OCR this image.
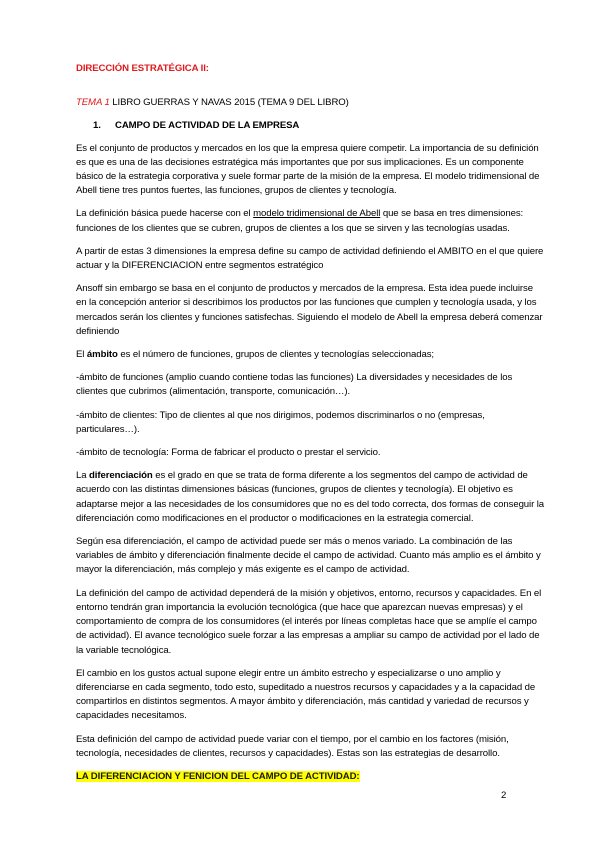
DIRECCIÓN ESTRATÉGICA II:
TEMA 1 LIBRO GUERRAS Y NAVAS 2015 (TEMA 9 DEL LIBRO)
1. CAMPO DE ACTIVIDAD DE LA EMPRESA

Es el conjunto de productos y mercados en los que la empresa quiere competir. La importancia de su definición es que es una de las decisiones estratégica más importantes que por sus implicaciones. Es un componente básico de la estrategia corporativa y suele formar parte de la misión de la empresa. El modelo tridimensional de Abell tiene tres puntos fuertes, las funciones, grupos de clientes y tecnología.

La definición básica puede hacerse con el modelo tridimensional de Abell que se basa en tres dimensiones: funciones de los clientes que se cubren, grupos de clientes a los que se sirven y las tecnologías usadas.

A partir de estas 3 dimensiones la empresa define su campo de actividad definiendo el AMBITO en el que quiere actuar y la DIFERENCIACION entre segmentos estratégico

Ansoff sin embargo se basa en el conjunto de productos y mercados de la empresa. Esta idea puede incluirse en la concepción anterior si describimos los productos por las funciones que cumplen y tecnología usada, y los mercados serán los clientes y funciones satisfechas. Siguiendo el modelo de Abell la empresa deberá comenzar definiendo

El ámbito es el número de funciones, grupos de clientes y tecnologías seleccionadas;

-ámbito de funciones (amplio cuando contiene todas las funciones) La diversidades y necesidades de los clientes que cubrimos (alimentación, transporte, comunicación…).

-ámbito de clientes: Tipo de clientes al que nos dirigimos, podemos discriminarlos o no (empresas, particulares…).

-ámbito de tecnología: Forma de fabricar el producto o prestar el servicio.

La diferenciación es el grado en que se trata de forma diferente a los segmentos del campo de actividad de acuerdo con las distintas dimensiones básicas (funciones, grupos de clientes y tecnología). El objetivo es adaptarse mejor a las necesidades de los consumidores que no es del todo correcta, dos formas de conseguir la diferenciación como modificaciones en el productor o modificaciones en la estrategia comercial.

Según esa diferenciación, el campo de actividad puede ser más o menos variado. La combinación de las variables de ámbito y diferenciación finalmente decide el campo de actividad. Cuanto más amplio es el ámbito y mayor la diferenciación, más complejo y más exigente es el campo de actividad.

La definición del campo de actividad dependerá de la misión y objetivos, entorno, recursos y capacidades. En el entorno tendrán gran importancia la evolución tecnológica (que hace que aparezcan nuevas empresas) y el comportamiento de compra de los consumidores (el interés por líneas completas hace que se amplíe el campo de actividad). El avance tecnológico suele forzar a las empresas a ampliar su campo de actividad por el lado de la variable tecnológica.

El cambio en los gustos actual supone elegir entre un ámbito estrecho y especializarse o uno amplio y diferenciarse en cada segmento, todo esto, supeditado a nuestros recursos y capacidades y a la capacidad de compartirlos en distintos segmentos. A mayor ámbito y diferenciación, más cantidad y variedad de recursos y capacidades necesitamos.

Esta definición del campo de actividad puede variar con el tiempo, por el cambio en los factores (misión, tecnología, necesidades de clientes, recursos y capacidades). Estas son las estrategias de desarrollo.

LA DIFERENCIACION Y FENICION DEL CAMPO DE ACTIVIDAD:
2
